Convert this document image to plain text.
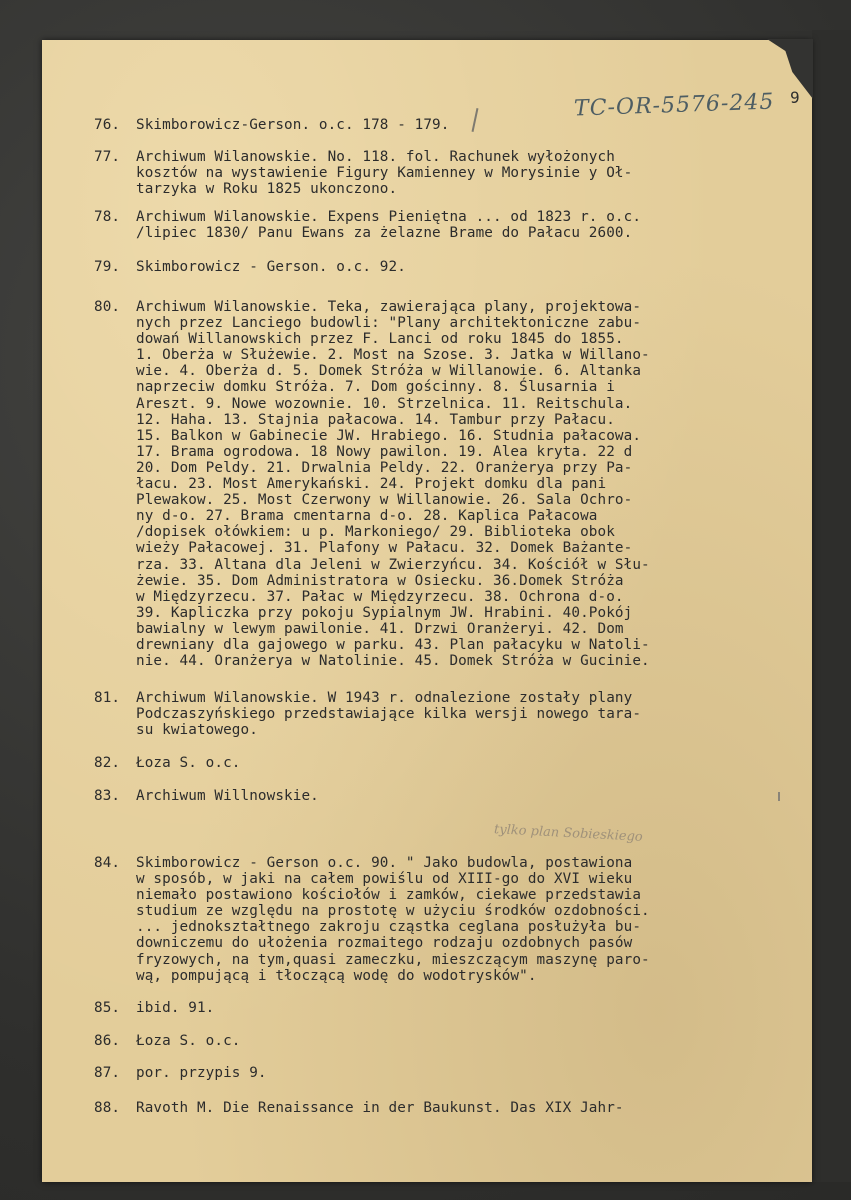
TC-OR-5576-245 9
tylko plan Sobieskiego
76.	Skimborowicz-Gerson. o.c. 178 - 179.
77.	Archiwum Wilanowskie. No. 118. fol. Rachunek wyłożonych
kosztów na wystawienie Figury Kamienney w Morysinie y Oł-
tarzyka w Roku 1825 ukonczono.
78.	Archiwum Wilanowskie. Expens Pieniętna ... od 1823 r. o.c.
/lipiec 1830/ Panu Ewans za żelazne Brame do Pałacu 2600.
79.	Skimborowicz - Gerson. o.c. 92.
80.	Archiwum Wilanowskie. Teka, zawierająca plany, projektowa-
nych przez Lanciego budowli: "Plany architektoniczne zabu-
dowań Willanowskich przez F. Lanci od roku 1845 do 1855.
1. Oberża w Służewie. 2. Most na Szose. 3. Jatka w Willano-
wie. 4. Oberża d. 5. Domek Stróża w Willanowie. 6. Altanka
naprzeciw domku Stróża. 7. Dom gościnny. 8. Ślusarnia i
Areszt. 9. Nowe wozownie. 10. Strzelnica. 11. Reitschula.
12. Haha. 13. Stajnia pałacowa. 14. Tambur przy Pałacu.
15. Balkon w Gabinecie JW. Hrabiego. 16. Studnia pałacowa.
17. Brama ogrodowa. 18 Nowy pawilon. 19. Alea kryta. 22 d
20. Dom Peldy. 21. Drwalnia Peldy. 22. Oranżerya przy Pa-
łacu. 23. Most Amerykański. 24. Projekt domku dla pani
Plewakow. 25. Most Czerwony w Willanowie. 26. Sala Ochro-
ny d-o. 27. Brama cmentarna d-o. 28. Kaplica Pałacowa
/dopisek ołówkiem: u p. Markoniego/ 29. Biblioteka obok
wieży Pałacowej. 31. Plafony w Pałacu. 32. Domek Bażante-
rza. 33. Altana dla Jeleni w Zwierzyńcu. 34. Kościół w Słu-
żewie. 35. Dom Administratora w Osiecku. 36.Domek Stróża
w Międzyrzecu. 37. Pałac w Międzyrzecu. 38. Ochrona d-o.
39. Kapliczka przy pokoju Sypialnym JW. Hrabini. 40.Pokój
bawialny w lewym pawilonie. 41. Drzwi Oranżeryi. 42. Dom
drewniany dla gajowego w parku. 43. Plan pałacyku w Natoli-
nie. 44. Oranżerya w Natolinie. 45. Domek Stróża w Gucinie.
81.	Archiwum Wilanowskie. W 1943 r. odnalezione zostały plany
Podczaszyńskiego przedstawiające kilka wersji nowego tara-
su kwiatowego.
82.	Łoza S. o.c.
83.	Archiwum Willnowskie.
84.	Skimborowicz - Gerson o.c. 90. " Jako budowla, postawiona
w sposób, w jaki na całem powiślu od XIII-go do XVI wieku
niemało postawiono kościołów i zamków, ciekawe przedstawia
studium ze względu na prostotę w użyciu środków ozdobności.
... jednokształtnego zakroju cząstka ceglana posłużyła bu-
downiczemu do ułożenia rozmaitego rodzaju ozdobnych pasów
fryzowych, na tym,quasi zameczku, mieszczącym maszynę paro-
wą, pompującą i tłoczącą wodę do wodotrysków".
85.	ibid. 91.
86.	Łoza S. o.c.
87.	por. przypis 9.
88.	Ravoth M. Die Renaissance in der Baukunst. Das XIX Jahr-
